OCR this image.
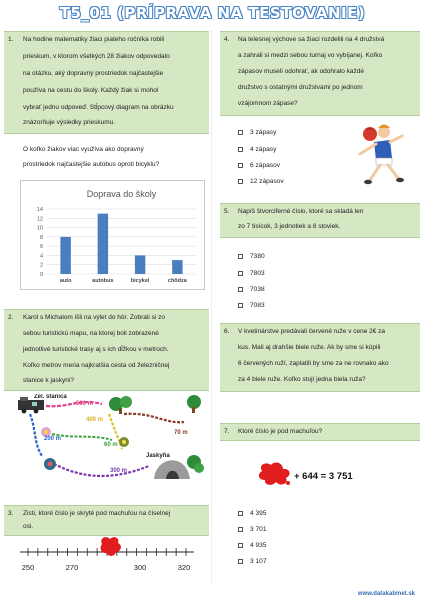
T5_01 (PRÍPRAVA NA TESTOVANIE)
1. Na hodine matematiky žiaci piateho ročníka robili
prieskum, v ktorom všetkých 28 žiakov odpovedalo
na otázku, aký dopravný prostriedok najčastejšie
používa na cestu do školy. Každý žiak si mohol
vybrať jednu odpoveď. Stĺpcový diagram na obrázku
znázorňuje výsledky prieskumu.
O koľko žiakov viac využíva ako dopravný
prostriedok najčastejšie autobus oproti bicyklu?
Doprava do školy
0
2
4
6
8
10
12
14
auto	autobus	bicykel	chôdza
2. Karol s Michalom išli na výlet do hôr. Zobrali si zo
sebou turistickú mapu, na ktorej boli zobrazené
jednotlivé turistické trasy aj s ich dĺžkou v metroch.
Koľko metrov meria najkratšia cesta od železničnej
stanice k jaskyni?
Žel. stanica
Jaskyňa
500 m
200 m
60 m
70 m
400 m
300 m
3. Zisti, ktoré číslo je skryté pod machuľou na číselnej
osi.
250	270	300	320
4. Na telesnej výchove sa žiaci rozdelili na 4 družstvá
a zahrali si medzi sebou turnaj vo vybíjanej. Koľko
zápasov museli odohrať, ak odohralo každé
družstvo s ostatnými družstvami po jednom
vzájomnom zápase?
3 zápasy
4 zápasy
6 zápasov
12 zápasov
5. Napíš štvorciferné číslo, ktoré sa skladá len
zo 7 tisícok, 3 jednotiek a 8 stoviek.
7380
7803
7038
7083
6. V kvetinárstve predávali červené ruže v cene 2€ za
kus. Mali aj drahšie biele ruže. Ak by sme si kúpili
6 červených ruží, zaplatili by sme za ne rovnako ako
za 4 biele ruže. Koľko stojí jedna biela ruža?
7. Ktoré číslo je pod machuľou?
+ 644 = 3 751
4 395
3 701
4 935
3 107
www.datakabinet.sk
